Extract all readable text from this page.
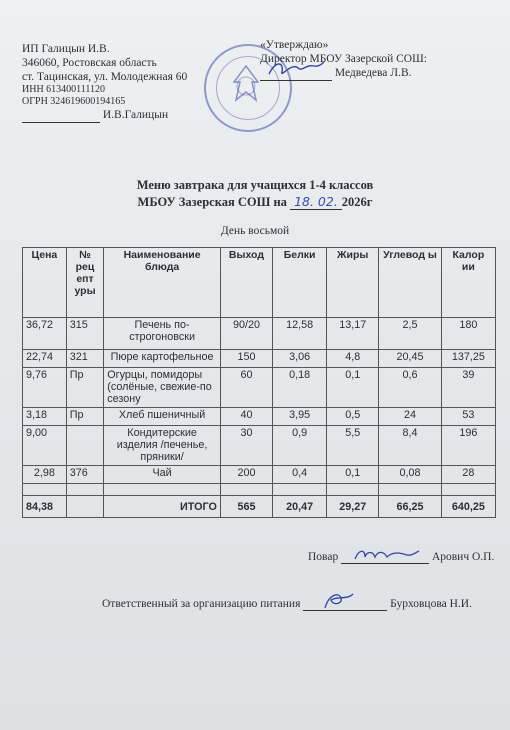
ИП Галицын И.В.
346060, Ростовская область
ст. Тацинская, ул. Молодежная 60
ИНН 613400111120
ОГРН 324619600194165
И.В.Галицын
«Утверждаю»
Директор МБОУ Зазерской СОШ:

Медведева Л.В.
Меню завтрака для учащихся 1-4 классов
МБОУ Зазерская СОШ на 18. 02. 2026г
День восьмой
Цена	№ рец епт уры	Наименование блюда	Выход	Белки	Жиры	Углевод ы	Калор ии
36,72	315	Печень по-строгоновски	90/20	12,58	13,17	2,5	180
22,74	321	Пюре картофельное	150	3,06	4,8	20,45	137,25
9,76	Пр	Огурцы, помидоры (солёные, свежие-по сезону	60	0,18	0,1	0,6	39
3,18	Пр	Хлеб пшеничный	40	3,95	0,5	24	53
9,00		Кондитерские изделия /печенье, пряники/	30	0,9	5,5	8,4	196
2,98	376	Чай	200	0,4	0,1	0,08	28

84,38		ИТОГО	565	20,47	29,27	66,25	640,25
Повар	Арович О.П.
Ответственный за организацию питания	Бурховцова Н.И.
